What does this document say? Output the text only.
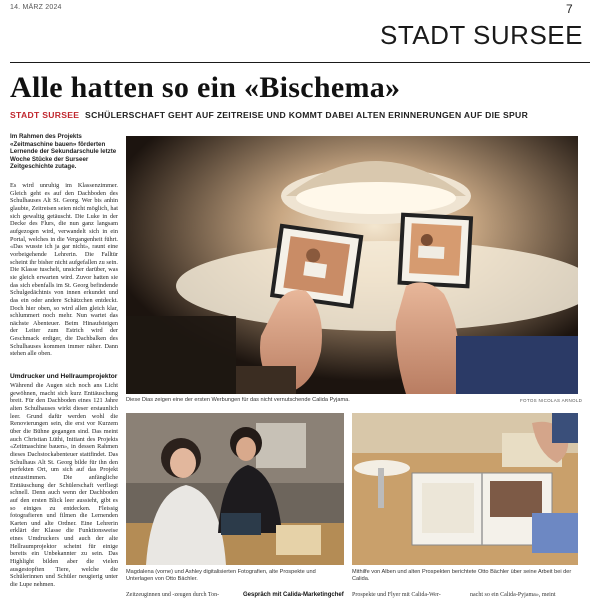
14. MÄRZ 2024	7
STADT SURSEE
Alle hatten so ein «Bischema»
STADT SURSEE SCHÜLERSCHAFT GEHT AUF ZEITREISE UND KOMMT DABEI ALTEN ERINNERUNGEN AUF DIE SPUR

Im Rahmen des Projekts «Zeitmaschine bauen» förderten Lernende der Sekundarschule letzte Woche Stücke der Surseer Zeitgeschichte zutage.

Es wird unruhig im Klassenzimmer. Gleich geht es auf den Dachboden des Schulhauses Alt St. Georg. Wer bis anhin glaubte, Zeitreisen seien nicht möglich, hat sich gewaltig getäuscht. Die Luke in der Decke des Flurs, die nun ganz langsam aufgezogen wird, verwandelt sich in ein Portal, welches in die Vergangenheit führt. «Das wusste ich ja gar nicht», raunt eine vorbeigehende Lehrerin. Die Falltür scheint ihr bisher nicht aufgefallen zu sein. Die Klasse tuschelt, unsicher darüber, was sie gleich erwarten wird. Zuvor hatten sie das sich ebenfalls im St. Georg befindende Schulgedächtnis von innen erkundet und das ein oder andere Schätzchen entdeckt. Doch hier oben, so wird allen gleich klar, schlummert noch mehr. Nun wartet das nächste Abenteuer. Beim Hinaufsteigen der Leiter zum Estrich wird der Geschmack erdiger, die Dachbalken des Schulhauses kommen immer näher. Dann stehen alle oben.

Umdrucker und Hellraumprojektor

Während die Augen sich noch ans Licht gewöhnen, macht sich kurz Enttäuschung breit. Für den Dachboden eines 121 Jahre alten Schulhauses wirkt dieser erstaunlich leer. Grund dafür werden wohl die Renovierungen sein, die erst vor Kurzem über die Bühne gegangen sind. Das meint auch Christian Lüthi, Initiant des Projekts «Zeitmaschine bauen», in dessen Rahmen dieses Dachstockabenteuer stattfindet. Das Schulhaus Alt St. Georg bilde für ihn den perfekten Ort, um sich auf das Projekt einzustimmen. Die anfängliche Enttäuschung der Schülerschaft verfliegt schnell. Denn auch wenn der Dachboden auf den ersten Blick leer aussieht, gibt es so einiges zu entdecken. Fleissig fotografieren und filmen die Lernenden Karten und alte Ordner. Eine Lehrerin erklärt der Klasse die Funktionsweise eines Umdruckers und auch der alte Hellraumprojektor scheint für einige bereits ein Unbekannter zu sein. Das Highlight bilden aber die vielen ausgestopften Tiere, welche die Schülerinnen und Schüler neugierig unter die Lupe nehmen.

Diese Dias zeigen eine der ersten Werbungen für das nicht vernutschende Calida Pyjama.	FOTOS NICOLAS ARNOLD
Magdalena (vorne) und Ashley digitalisierten Fotografien, alte Prospekte und Unterlagen von Otto Bächler.
Mithilfe von Alben und alten Prospekten berichtete Otto Bächler über seine Arbeit bei der Calida.
Zeitzeuginnen und -zeugen durch Ton-	Gespräch mit Calida-Marketingchef Prospekte und Flyer mit Calida-Wer-	nacht so ein Calida-Pyjama», meint
